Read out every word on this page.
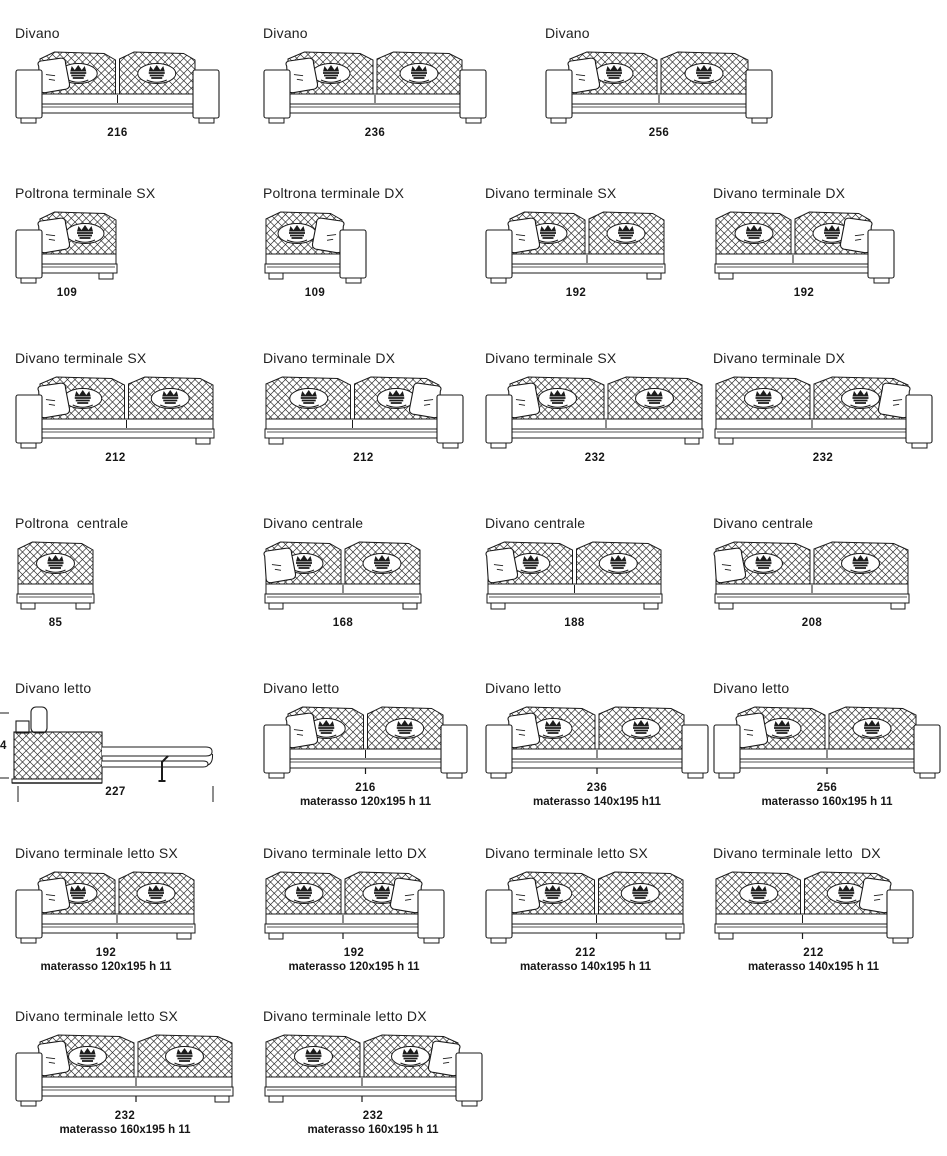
Divano
216
Divano
236
Divano
256
Poltrona terminale SX
109
Poltrona terminale DX
109
Divano terminale SX
192
Divano terminale DX
192
Divano terminale SX
212
Divano terminale DX
212
Divano terminale SX
232
Divano terminale DX
232
Poltrona  centrale
85
Divano centrale
168
Divano centrale
188
Divano centrale
208
Divano letto
4
227
Divano letto
216
materasso 120x195 h 11
Divano letto
236
materasso 140x195 h11
Divano letto
256
materasso 160x195 h 11
Divano terminale letto SX
192
materasso 120x195 h 11
Divano terminale letto DX
192
materasso 120x195 h 11
Divano terminale letto SX
212
materasso 140x195 h 11
Divano terminale letto  DX
212
materasso 140x195 h 11
Divano terminale letto SX
232
materasso 160x195 h 11
Divano terminale letto DX
232
materasso 160x195 h 11
